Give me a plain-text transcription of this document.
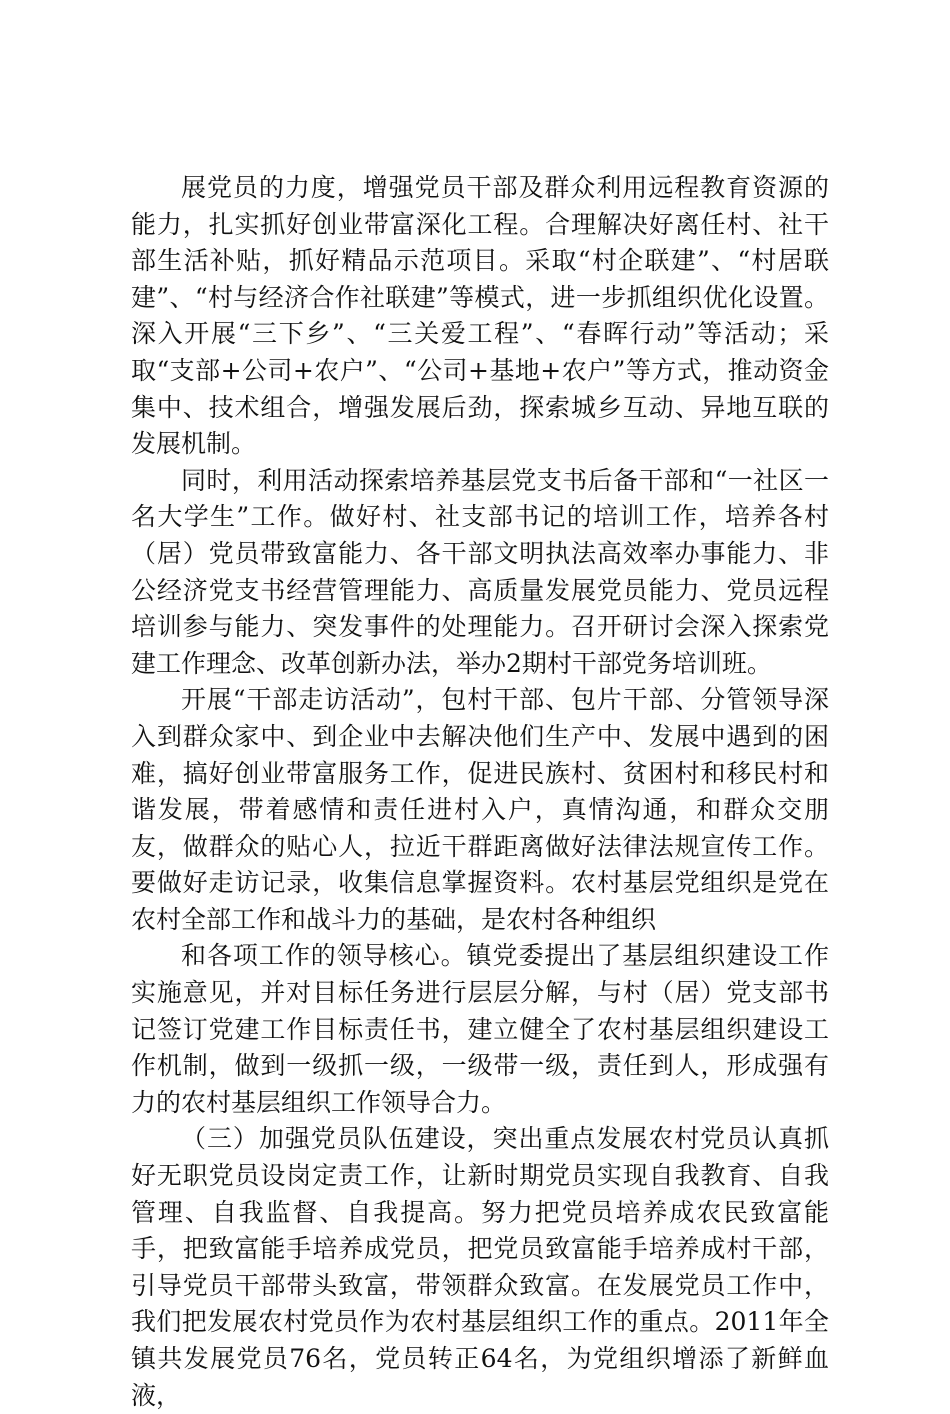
展党员的力度，增强党员干部及群众利用远程教育资源的能力，扎实抓好创业带富深化工程。合理解决好离任村、社干部生活补贴，抓好精品示范项目。采取“村企联建”、“村居联建”、“村与经济合作社联建”等模式，进一步抓组织优化设置。深入开展“三下乡”、“三关爱工程”、“春晖行动”等活动；采取“支部+公司+农户”、“公司+基地+农户”等方式，推动资金集中、技术组合，增强发展后劲，探索城乡互动、异地互联的发展机制。

同时，利用活动探索培养基层党支书后备干部和“一社区一名大学生”工作。做好村、社支部书记的培训工作，培养各村（居）党员带致富能力、各干部文明执法高效率办事能力、非公经济党支书经营管理能力、高质量发展党员能力、党员远程培训参与能力、突发事件的处理能力。召开研讨会深入探索党建工作理念、改革创新办法，举办2期村干部党务培训班。

开展“干部走访活动”，包村干部、包片干部、分管领导深入到群众家中、到企业中去解决他们生产中、发展中遇到的困难，搞好创业带富服务工作，促进民族村、贫困村和移民村和谐发展，带着感情和责任进村入户，真情沟通，和群众交朋友，做群众的贴心人，拉近干群距离做好法律法规宣传工作。要做好走访记录，收集信息掌握资料。农村基层党组织是党在农村全部工作和战斗力的基础，是农村各种组织

和各项工作的领导核心。镇党委提出了基层组织建设工作实施意见，并对目标任务进行层层分解，与村（居）党支部书记签订党建工作目标责任书，建立健全了农村基层组织建设工作机制，做到一级抓一级，一级带一级，责任到人，形成强有力的农村基层组织工作领导合力。

（三）加强党员队伍建设，突出重点发展农村党员认真抓好无职党员设岗定责工作，让新时期党员实现自我教育、自我管理、自我监督、自我提高。努力把党员培养成农民致富能手，把致富能手培养成党员，把党员致富能手培养成村干部，引导党员干部带头致富，带领群众致富。在发展党员工作中，我们把发展农村党员作为农村基层组织工作的重点。2011年全镇共发展党员76名，党员转正64名，为党组织增添了新鲜血液，
